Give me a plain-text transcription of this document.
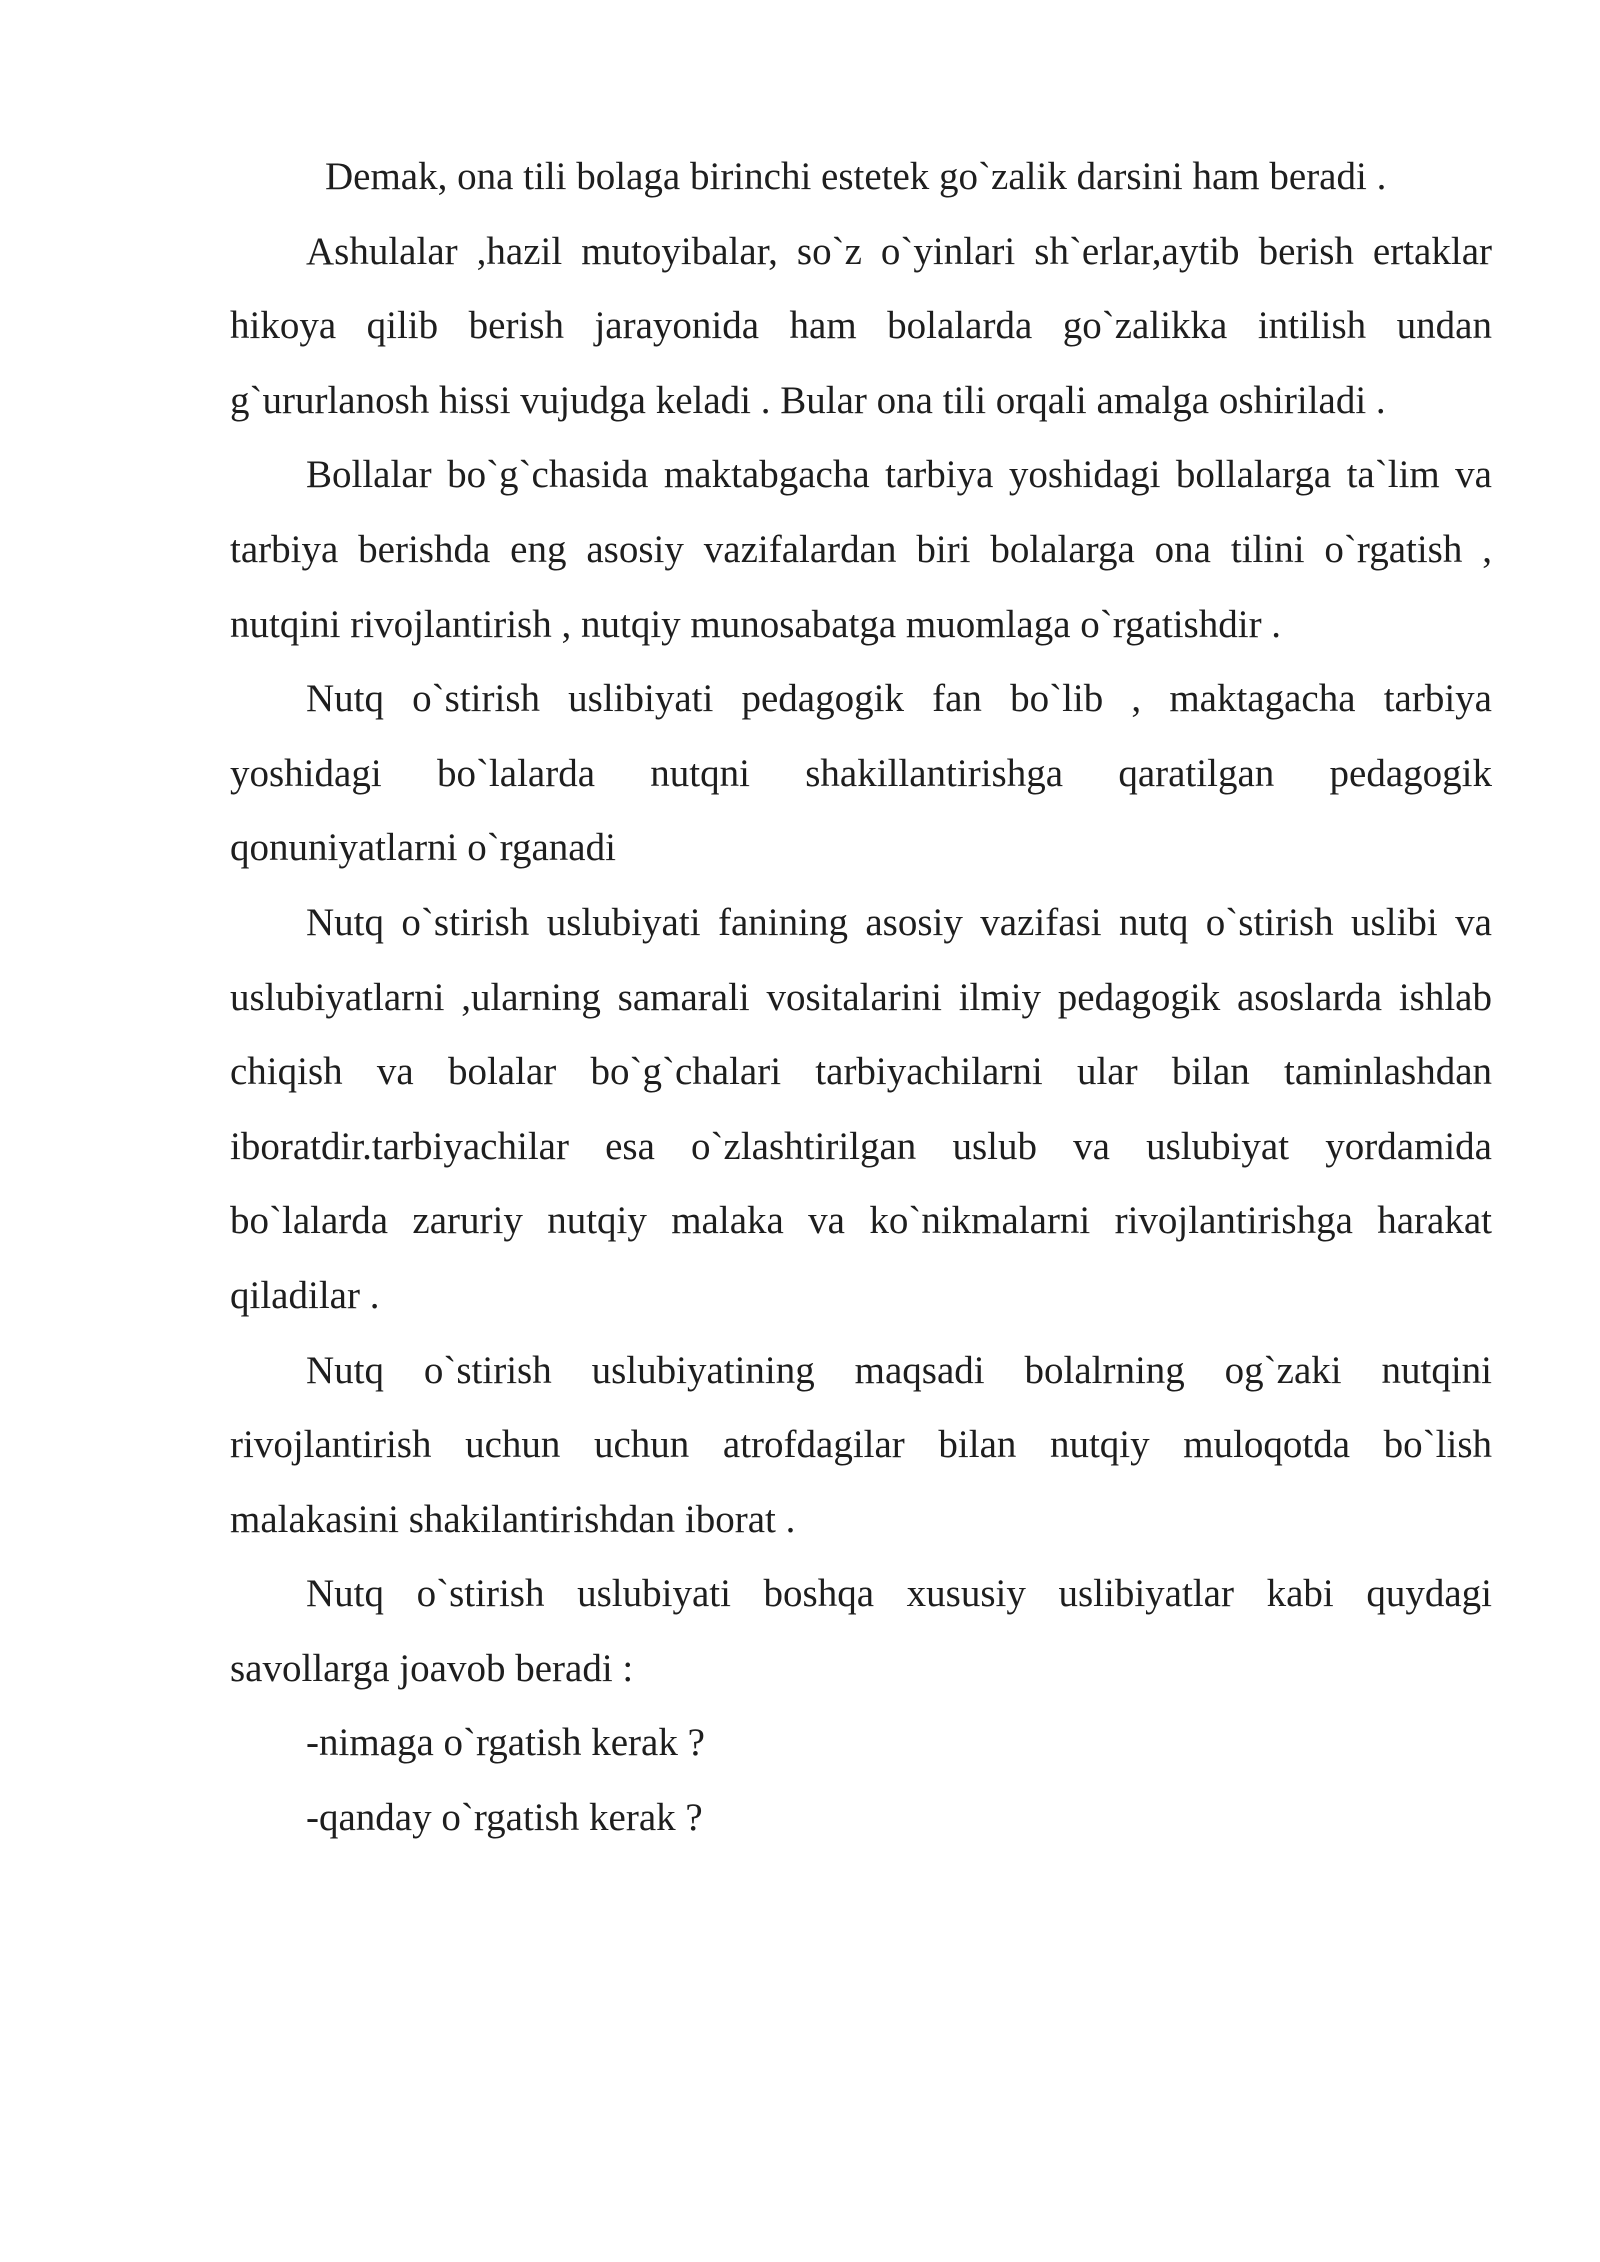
Demak, ona tili bolaga birinchi estetek go`zalik darsini ham beradi .

Ashulalar ,hazil mutoyibalar, so`z o`yinlari sh`erlar,aytib berish ertaklar hikoya qilib berish jarayonida ham bolalarda go`zalikka intilish undan g`ururlanosh hissi vujudga keladi . Bular ona tili orqali amalga oshiriladi .

Bollalar bo`g`chasida maktabgacha tarbiya yoshidagi bollalarga ta`lim va tarbiya berishda eng asosiy vazifalardan biri bolalarga ona tilini o`rgatish , nutqini rivojlantirish , nutqiy munosabatga muomlaga o`rgatishdir .

Nutq o`stirish uslibiyati pedagogik fan bo`lib , maktagacha tarbiya yoshidagi bo`lalarda nutqni shakillantirishga qaratilgan pedagogik qonuniyatlarni o`rganadi

Nutq o`stirish uslubiyati fanining asosiy vazifasi nutq o`stirish uslibi va uslubiyatlarni ,ularning samarali vositalarini ilmiy pedagogik asoslarda ishlab chiqish va bolalar bo`g`chalari tarbiyachilarni ular bilan taminlashdan iboratdir.tarbiyachilar esa o`zlashtirilgan uslub va uslubiyat yordamida bo`lalarda zaruriy nutqiy malaka va ko`nikmalarni rivojlantirishga harakat qiladilar .

Nutq o`stirish uslubiyatining maqsadi bolalrning og`zaki nutqini rivojlantirish uchun uchun atrofdagilar bilan nutqiy muloqotda bo`lish malakasini shakilantirishdan iborat .

Nutq o`stirish uslubiyati boshqa xususiy uslibiyatlar kabi quydagi savollarga joavob beradi :

-nimaga o`rgatish kerak ?

-qanday o`rgatish kerak ?
